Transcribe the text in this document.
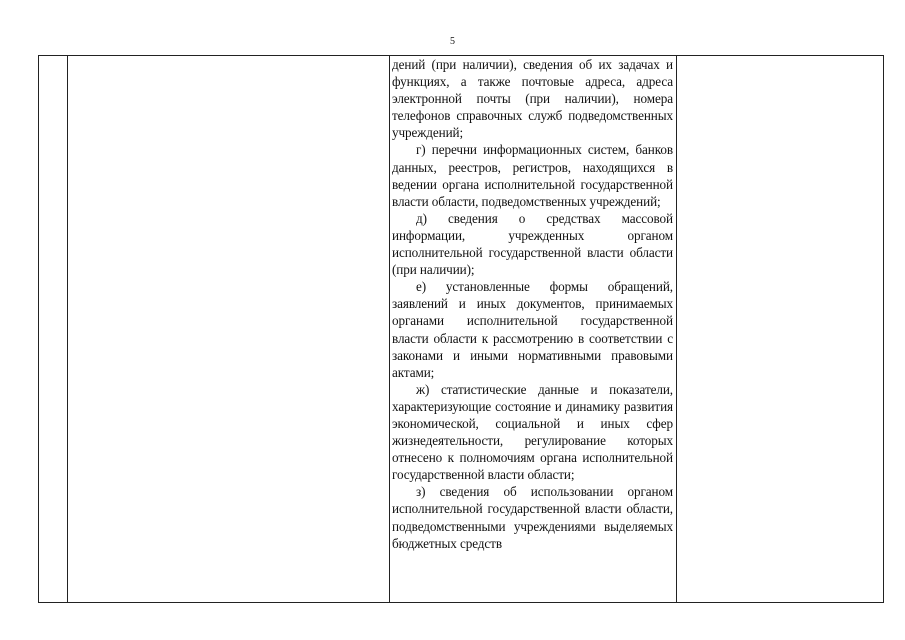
5

дений (при наличии), сведения об их задачах и функциях, а также почтовые адреса, адреса электронной почты (при наличии), номера телефонов справочных служб подведомственных учреждений;

г) перечни информационных систем, банков данных, реестров, регистров, находящихся в ведении органа исполнительной государственной власти области, подведомственных учреждений;

д) сведения о средствах массовой информации, учрежденных органом исполнительной государственной власти области (при наличии);

е) установленные формы обращений, заявлений и иных документов, принимаемых органами исполнительной государственной власти области к рассмотрению в соответствии с законами и иными нормативными правовыми актами;

ж) статистические данные и показатели, характеризующие состояние и динамику развития экономической, социальной и иных сфер жизнедеятельности, регулирование которых отнесено к полномочиям органа исполнительной государственной власти области;

з) сведения об использовании органом исполнительной государственной власти области, подведомственными учреждениями выделяемых бюджетных средств
